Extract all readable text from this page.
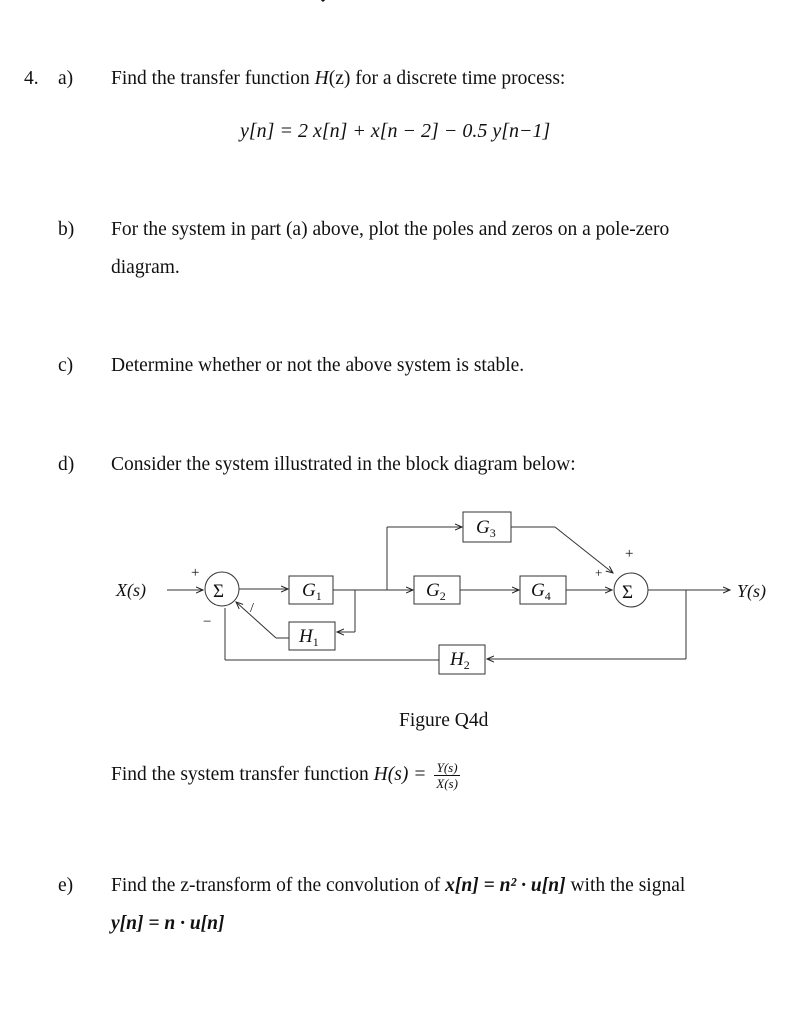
4. a) Find the transfer function H(z) for a discrete time process:
y[n] = 2 x[n] + x[n − 2] − 0.5 y[n−1]
b) For the system in part (a) above, plot the poles and zeros on a pole-zero
diagram.
c) Determine whether or not the above system is stable.
d) Consider the system illustrated in the block diagram below:
X(s)	Y(s)
Σ	Σ
+
−
/
+
+
$G_1$	$G_2$
$G_3$
$G_4$
$H_1$
$H_2$
Figure Q4d
Find the system transfer function $H(s) = \frac{Y(s)}{X(s)}$
e) Find the z-transform of the convolution of x[n] = n² · u[n] with the signal
y[n] = n · u[n]
